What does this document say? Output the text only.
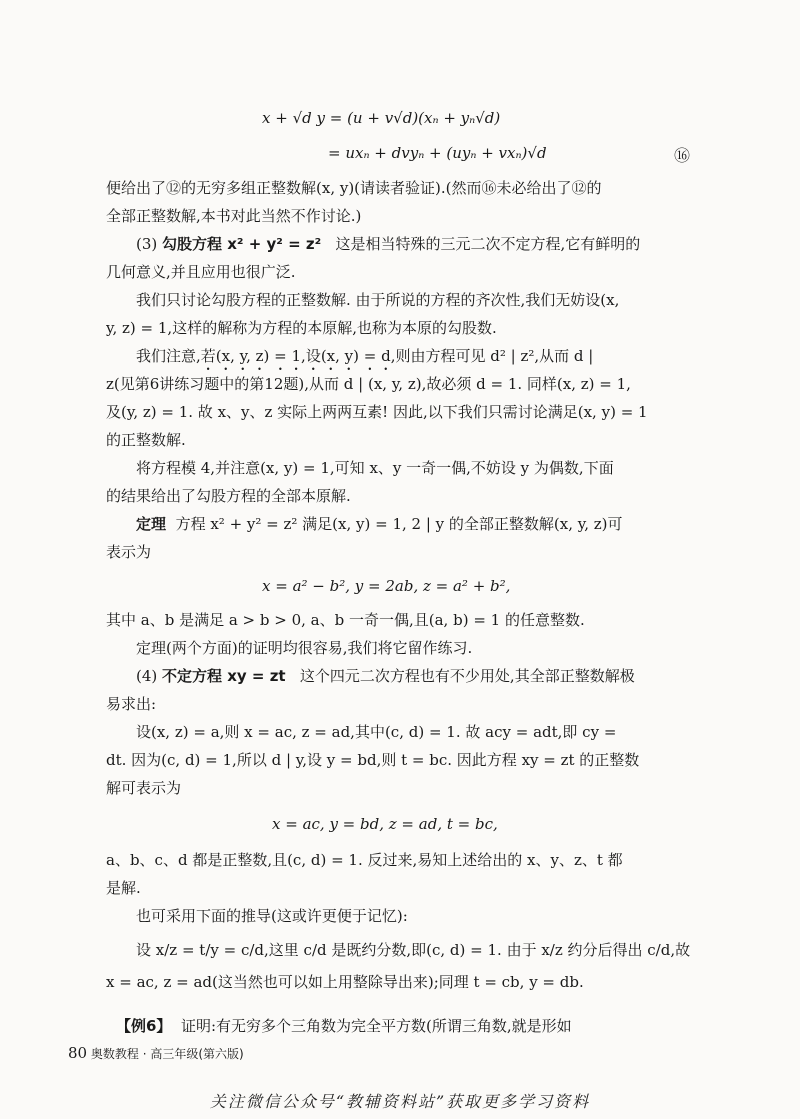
x + √d y = (u + v√d)(xₙ + yₙ√d)
= uxₙ + dvyₙ + (uyₙ + vxₙ)√d	⑯
便给出了⑫的无穷多组正整数解(x, y)(请读者验证).(然而⑯未必给出了⑫的
全部正整数解,本书对此当然不作讨论.)
(3) 勾股方程 x² + y² = z² 这是相当特殊的三元二次不定方程,它有鲜明的
几何意义,并且应用也很广泛.
我们只讨论勾股方程的正整数解. 由于所说的方程的齐次性,我们无妨设(x,
y, z) = 1,这样的解称为方程的本原解,也称为本原的勾股数.
我们注意,若(x, y, z) = 1,设(x, y) = d,则由方程可见 d² | z²,从而 d |
z(见第6讲练习题中的第12题),从而 d | (x, y, z),故必须 d = 1. 同样(x, z) = 1,
及(y, z) = 1. 故 x、y、z 实际上两两互素! 因此,以下我们只需讨论满足(x, y) = 1
的正整数解.
将方程模 4,并注意(x, y) = 1,可知 x、y 一奇一偶,不妨设 y 为偶数,下面
的结果给出了勾股方程的全部本原解.
定理 方程 x² + y² = z² 满足(x, y) = 1, 2 | y 的全部正整数解(x, y, z)可
表示为
x = a² − b², y = 2ab, z = a² + b²,
其中 a、b 是满足 a > b > 0, a、b 一奇一偶,且(a, b) = 1 的任意整数.
定理(两个方面)的证明均很容易,我们将它留作练习.
(4) 不定方程 xy = zt 这个四元二次方程也有不少用处,其全部正整数解极
易求出:
设(x, z) = a,则 x = ac, z = ad,其中(c, d) = 1. 故 acy = adt,即 cy =
dt. 因为(c, d) = 1,所以 d | y,设 y = bd,则 t = bc. 因此方程 xy = zt 的正整数
解可表示为
x = ac, y = bd, z = ad, t = bc,
a、b、c、d 都是正整数,且(c, d) = 1. 反过来,易知上述给出的 x、y、z、t 都
是解.
也可采用下面的推导(这或许更便于记忆):
设 x/z = t/y = c/d,这里 c/d 是既约分数,即(c, d) = 1. 由于 x/z 约分后得出 c/d,故
x = ac, z = ad(这当然也可以如上用整除导出来);同理 t = cb, y = db.
【例6】 证明:有无穷多个三角数为完全平方数(所谓三角数,就是形如
80 奥数教程 · 高三年级(第六版)
关注微信公众号“教辅资料站”获取更多学习资料
